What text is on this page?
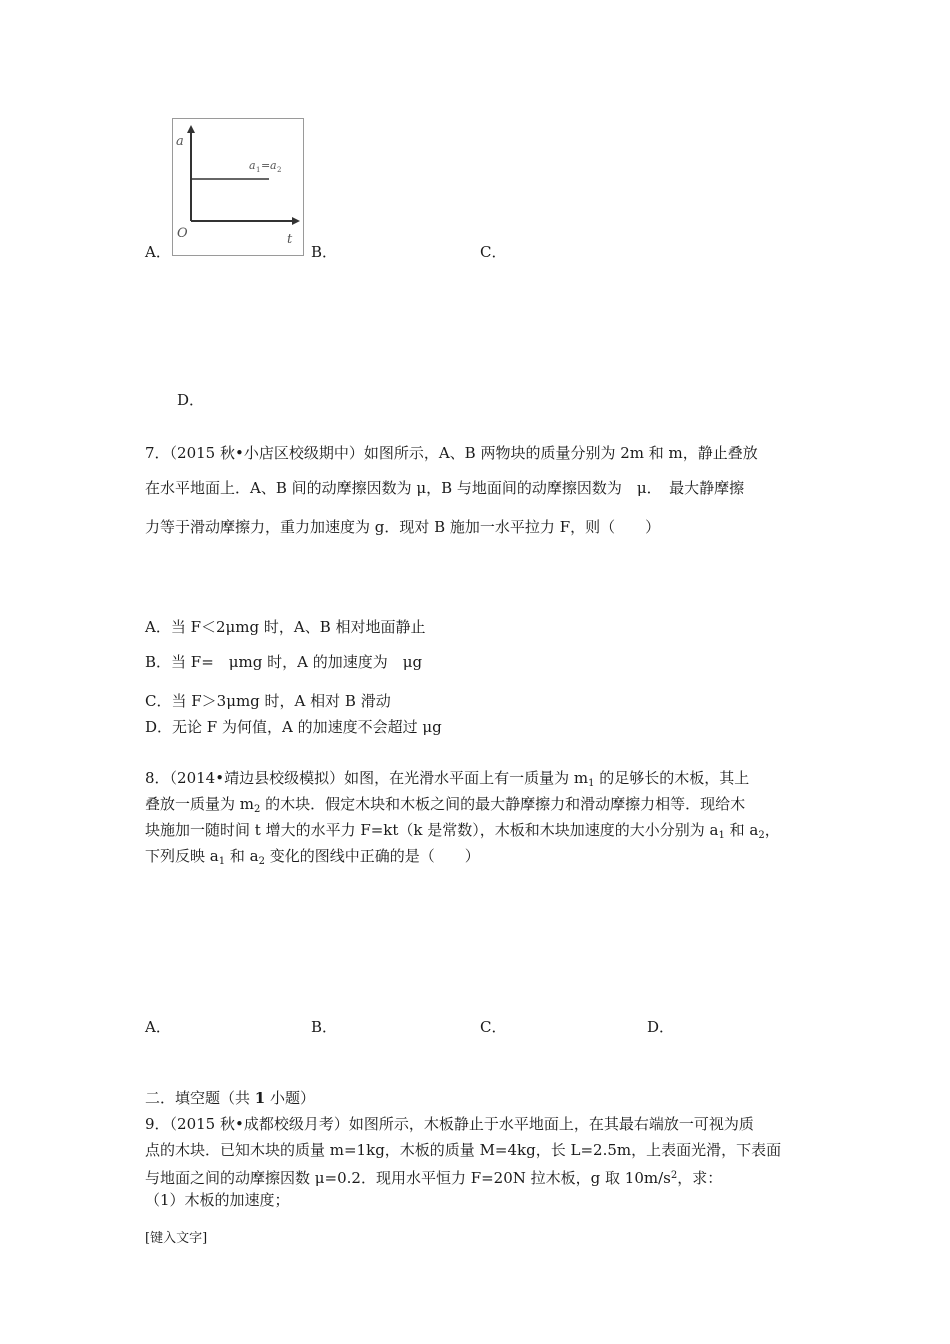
A．
a
O	t
a 1 = a 2
B．	C．
D．
7．（2015 秋•小店区校级期中）如图所示，A、B 两物块的质量分别为 2m 和 m，静止叠放
在水平地面上．A、B 间的动摩擦因数为 μ，B 与地面间的动摩擦因数为　μ．　最大静摩擦
力等于滑动摩擦力，重力加速度为 g．现对 B 施加一水平拉力 F，则（　　）
A．当 F＜2μmg 时，A、B 相对地面静止
B．当 F=　μmg 时，A 的加速度为　μg
C．当 F＞3μmg 时，A 相对 B 滑动
D．无论 F 为何值，A 的加速度不会超过 μg
8．（2014•靖边县校级模拟）如图，在光滑水平面上有一质量为 $m_1$ 的足够长的木板，其上
叠放一质量为 $m_2$ 的木块．假定木块和木板之间的最大静摩擦力和滑动摩擦力相等．现给木
块施加一随时间 t 增大的水平力 F=kt（k 是常数），木板和木块加速度的大小分别为 $a_1$ 和 $a_2$，
下列反映 $a_1$ 和 $a_2$ 变化的图线中正确的是（　　）
A．	B．	C．	D．
二．填空题（共 1 小题）
9．（2015 秋•成都校级月考）如图所示，木板静止于水平地面上，在其最右端放一可视为质
点的木块．已知木块的质量 m=1kg，木板的质量 M=4kg，长 L=2.5m，上表面光滑，下表面
与地面之间的动摩擦因数 μ=0.2．现用水平恒力 F=20N 拉木板，g 取 $10m/s^2$，求：
（1）木板的加速度；
[键入文字]
